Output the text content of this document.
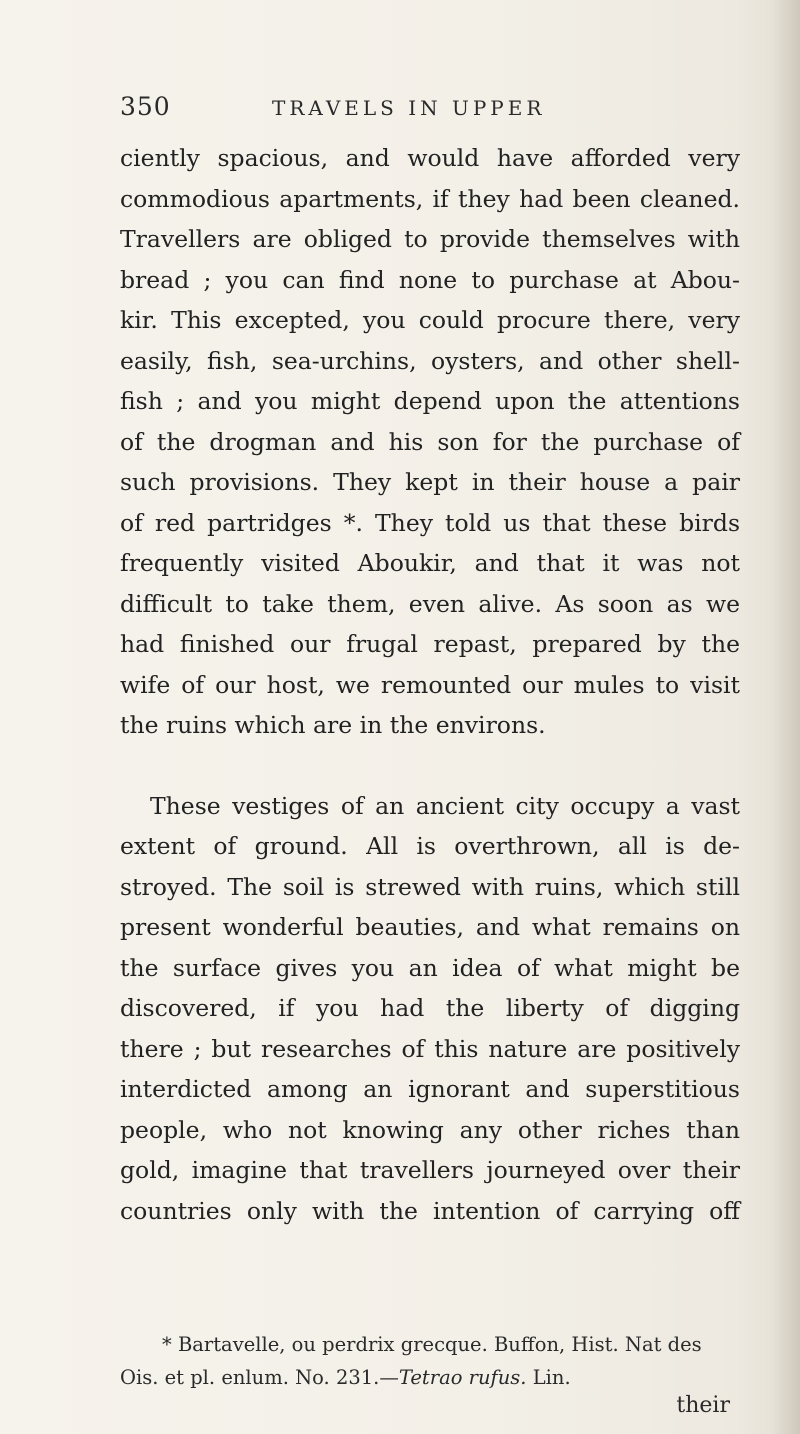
350	TRAVELS IN UPPER
ciently spacious, and would have afforded very
commodious apartments, if they had been cleaned.
Travellers are obliged to provide themselves with
bread ; you can find none to purchase at Abou-
kir. This excepted, you could procure there, very
easily, fish, sea-urchins, oysters, and other shell-
fish ; and you might depend upon the attentions
of the drogman and his son for the purchase of
such provisions. They kept in their house a pair
of red partridges *. They told us that these birds
frequently visited Aboukir, and that it was not
difficult to take them, even alive. As soon as we
had finished our frugal repast, prepared by the
wife of our host, we remounted our mules to visit
the ruins which are in the environs.
These vestiges of an ancient city occupy a vast
extent of ground. All is overthrown, all is de-
stroyed. The soil is strewed with ruins, which still
present wonderful beauties, and what remains on
the surface gives you an idea of what might be
discovered, if you had the liberty of digging
there ; but researches of this nature are positively
interdicted among an ignorant and superstitious
people, who not knowing any other riches than
gold, imagine that travellers journeyed over their
countries only with the intention of carrying off
* Bartavelle, ou perdrix grecque. Buffon, Hist. Nat des
Ois. et pl. enlum. No. 231.—Tetrao rufus. Lin.
their
